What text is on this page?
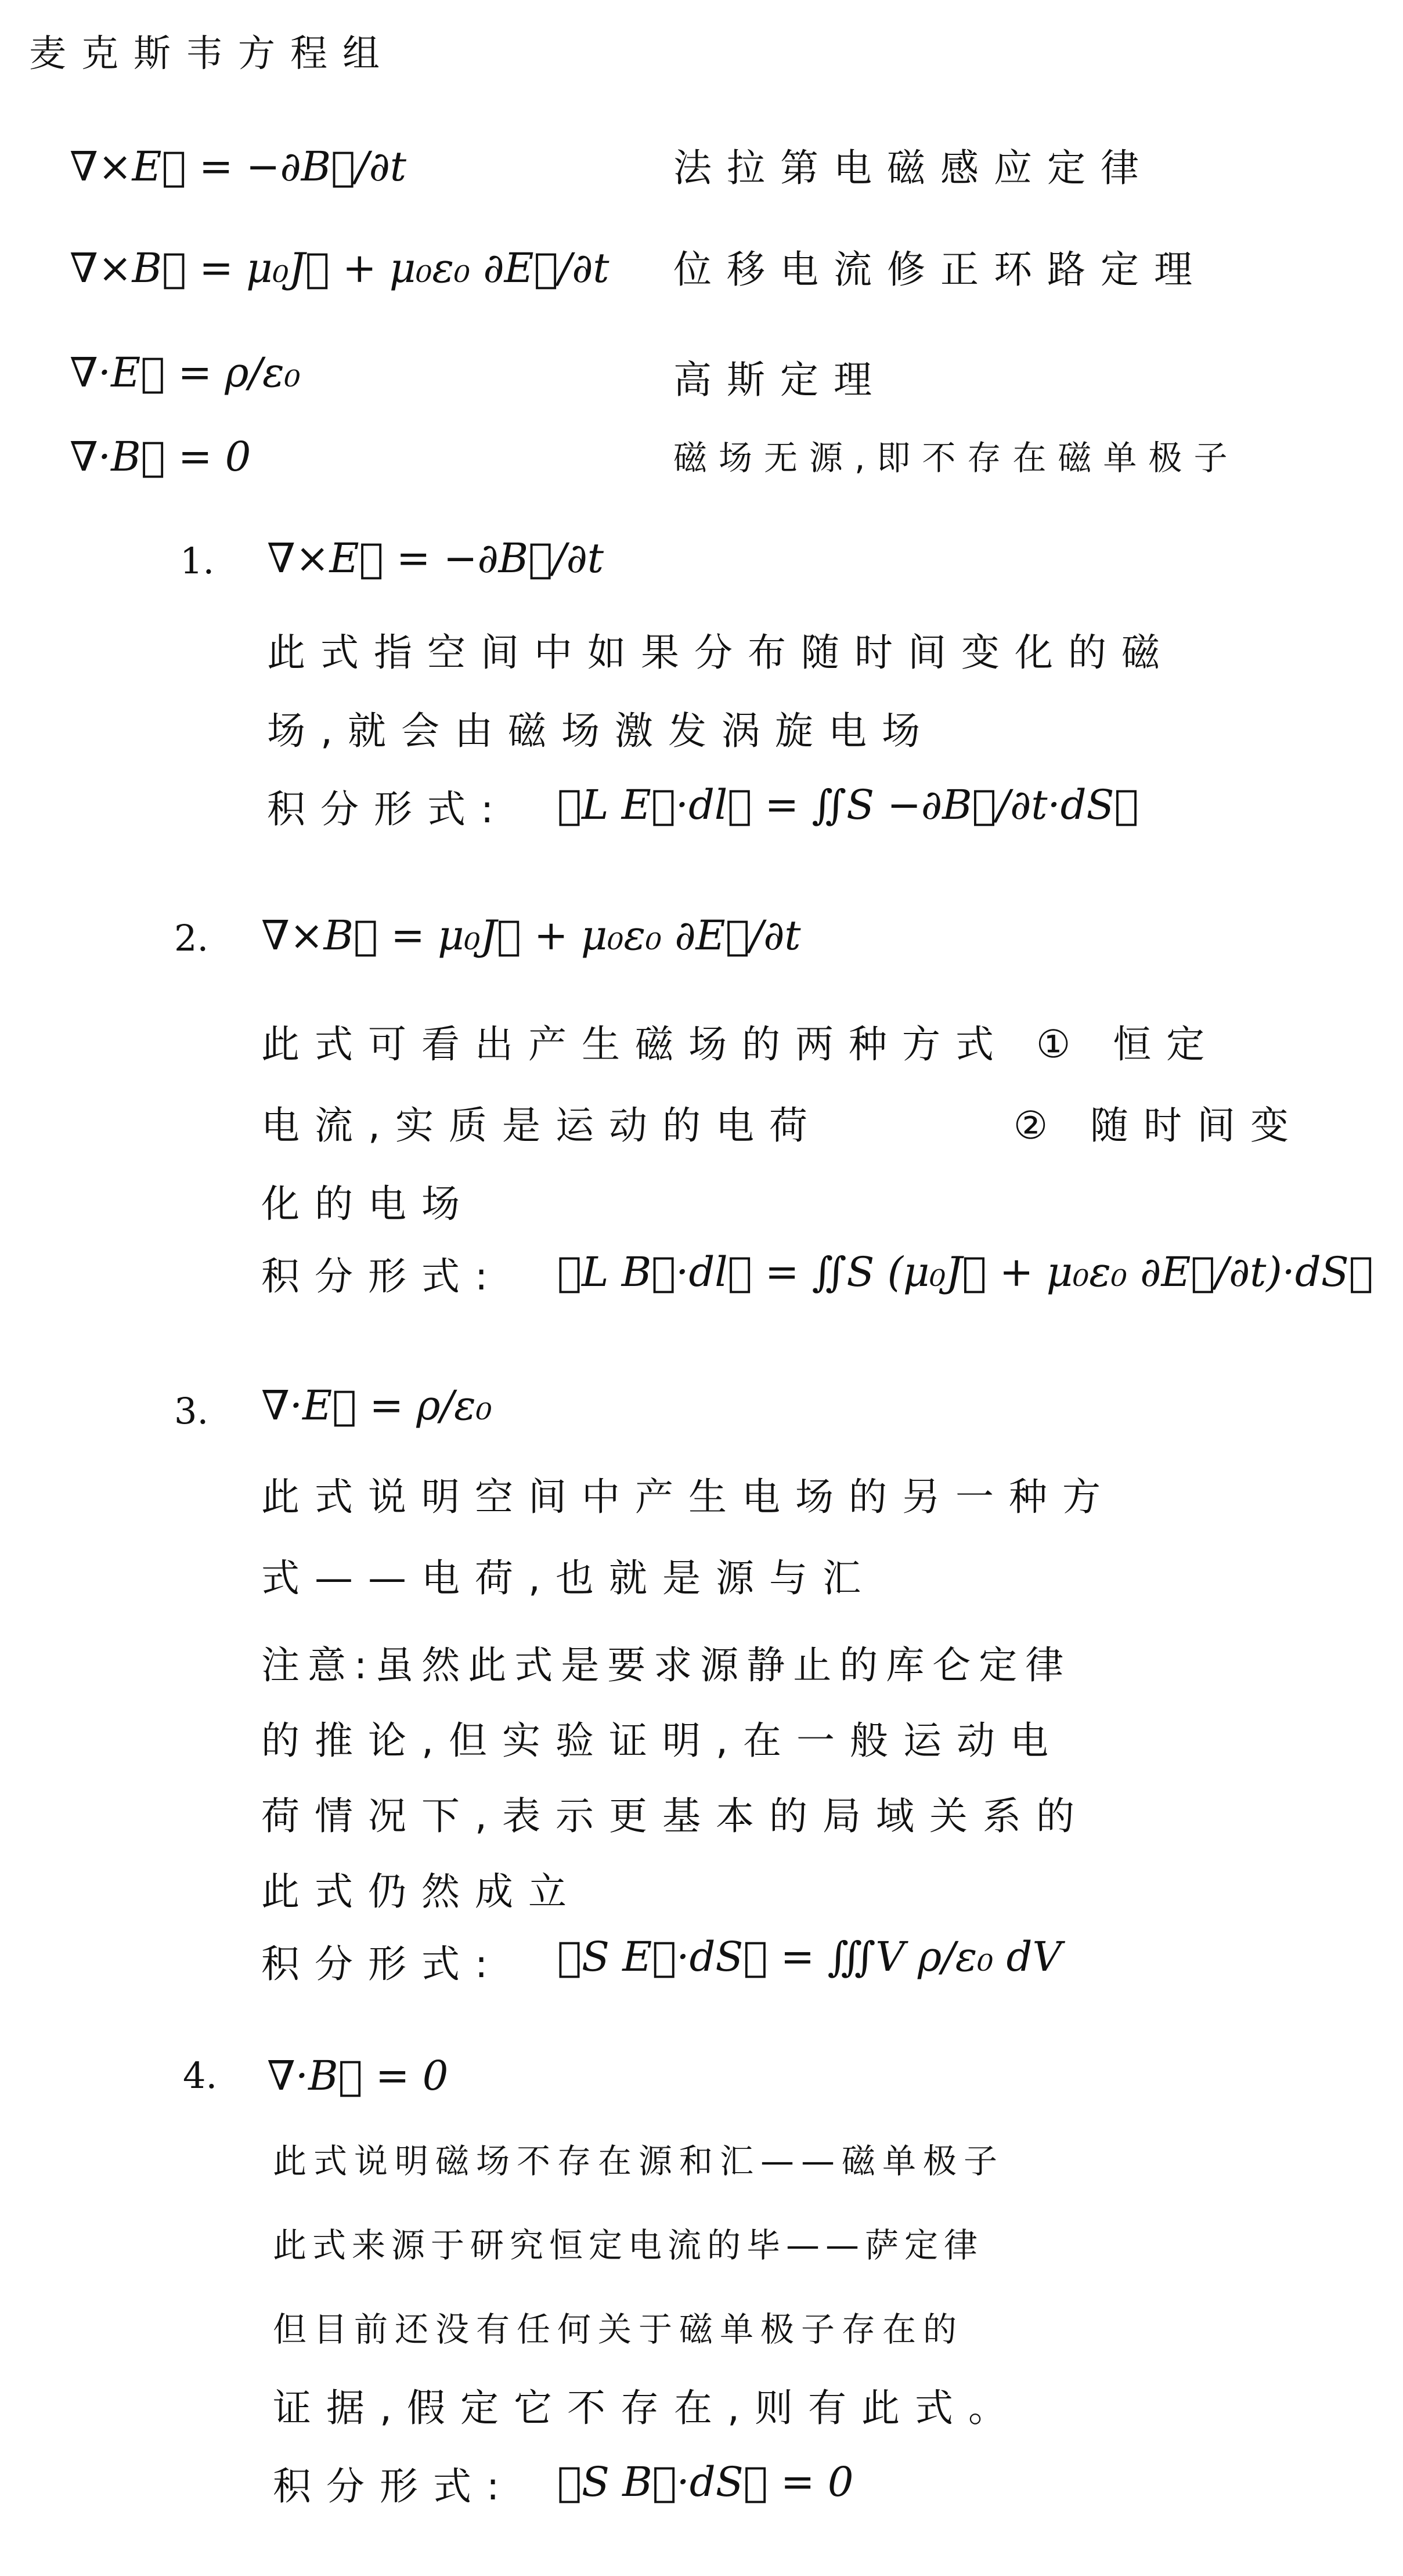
麦克斯韦方程组
∇×E⃗ = −∂B⃗/∂t	法拉第电磁感应定律
∇×B⃗ = μ₀J⃗ + μ₀ε₀ ∂E⃗/∂t 位移电流修正环路定理
∇·E⃗ = ρ/ε₀	高斯定理
∇·B⃗ = 0	磁场无源,即不存在磁单极子
1. ∇×E⃗ = −∂B⃗/∂t
此式指空间中如果分布随时间变化的磁
场,就会由磁场激发涡旋电场
积分形式: ∮L E⃗·dl⃗ = ∬S −∂B⃗/∂t·dS⃗
2. ∇×B⃗ = μ₀J⃗ + μ₀ε₀ ∂E⃗/∂t
此式可看出产生磁场的两种方式 ① 恒定
电流,实质是运动的电荷       ② 随时间变
化的电场
积分形式: ∮L B⃗·dl⃗ = ∬S (μ₀J⃗ + μ₀ε₀ ∂E⃗/∂t)·dS⃗
3. ∇·E⃗ = ρ/ε₀
此式说明空间中产生电场的另一种方
式——电荷,也就是源与汇
注意:虽然此式是要求源静止的库仑定律
的推论,但实验证明,在一般运动电
荷情况下,表示更基本的局域关系的
此式仍然成立
积分形式: ∯S E⃗·dS⃗ = ∭V ρ/ε₀ dV
4. ∇·B⃗ = 0
此式说明磁场不存在源和汇——磁单极子
此式来源于研究恒定电流的毕——萨定律
但目前还没有任何关于磁单极子存在的
证据,假定它不存在,则有此式。
积分形式: ∯S B⃗·dS⃗ = 0
